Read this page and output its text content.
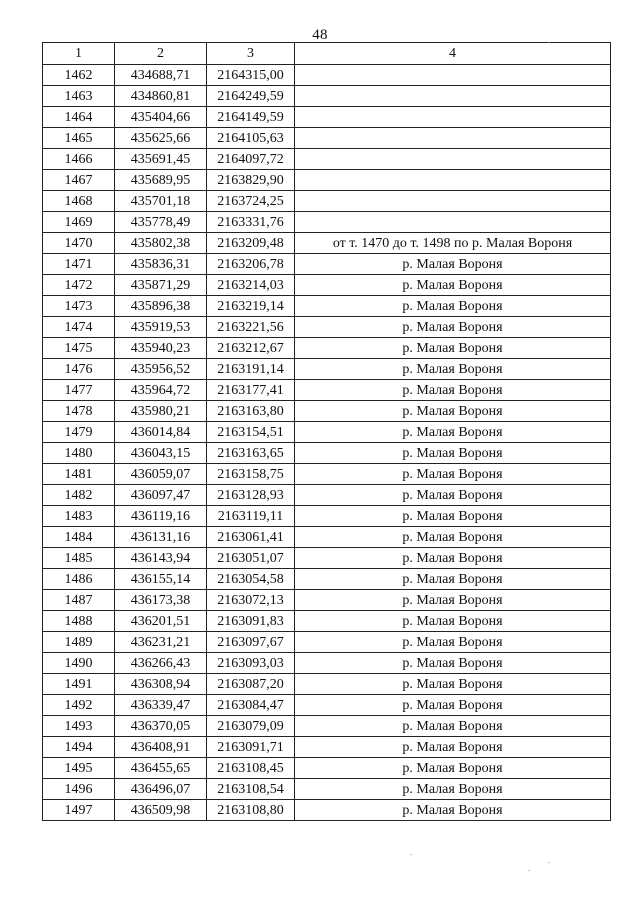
48
1	2	3	4
1462	434688,71	2164315,00	
1463	434860,81	2164249,59	
1464	435404,66	2164149,59	
1465	435625,66	2164105,63	
1466	435691,45	2164097,72	
1467	435689,95	2163829,90	
1468	435701,18	2163724,25	
1469	435778,49	2163331,76	
1470	435802,38	2163209,48	от т. 1470 до т. 1498 по р. Малая Вороня
1471	435836,31	2163206,78	р. Малая Вороня
1472	435871,29	2163214,03	р. Малая Вороня
1473	435896,38	2163219,14	р. Малая Вороня
1474	435919,53	2163221,56	р. Малая Вороня
1475	435940,23	2163212,67	р. Малая Вороня
1476	435956,52	2163191,14	р. Малая Вороня
1477	435964,72	2163177,41	р. Малая Вороня
1478	435980,21	2163163,80	р. Малая Вороня
1479	436014,84	2163154,51	р. Малая Вороня
1480	436043,15	2163163,65	р. Малая Вороня
1481	436059,07	2163158,75	р. Малая Вороня
1482	436097,47	2163128,93	р. Малая Вороня
1483	436119,16	2163119,11	р. Малая Вороня
1484	436131,16	2163061,41	р. Малая Вороня
1485	436143,94	2163051,07	р. Малая Вороня
1486	436155,14	2163054,58	р. Малая Вороня
1487	436173,38	2163072,13	р. Малая Вороня
1488	436201,51	2163091,83	р. Малая Вороня
1489	436231,21	2163097,67	р. Малая Вороня
1490	436266,43	2163093,03	р. Малая Вороня
1491	436308,94	2163087,20	р. Малая Вороня
1492	436339,47	2163084,47	р. Малая Вороня
1493	436370,05	2163079,09	р. Малая Вороня
1494	436408,91	2163091,71	р. Малая Вороня
1495	436455,65	2163108,45	р. Малая Вороня
1496	436496,07	2163108,54	р. Малая Вороня
1497	436509,98	2163108,80	р. Малая Вороня
